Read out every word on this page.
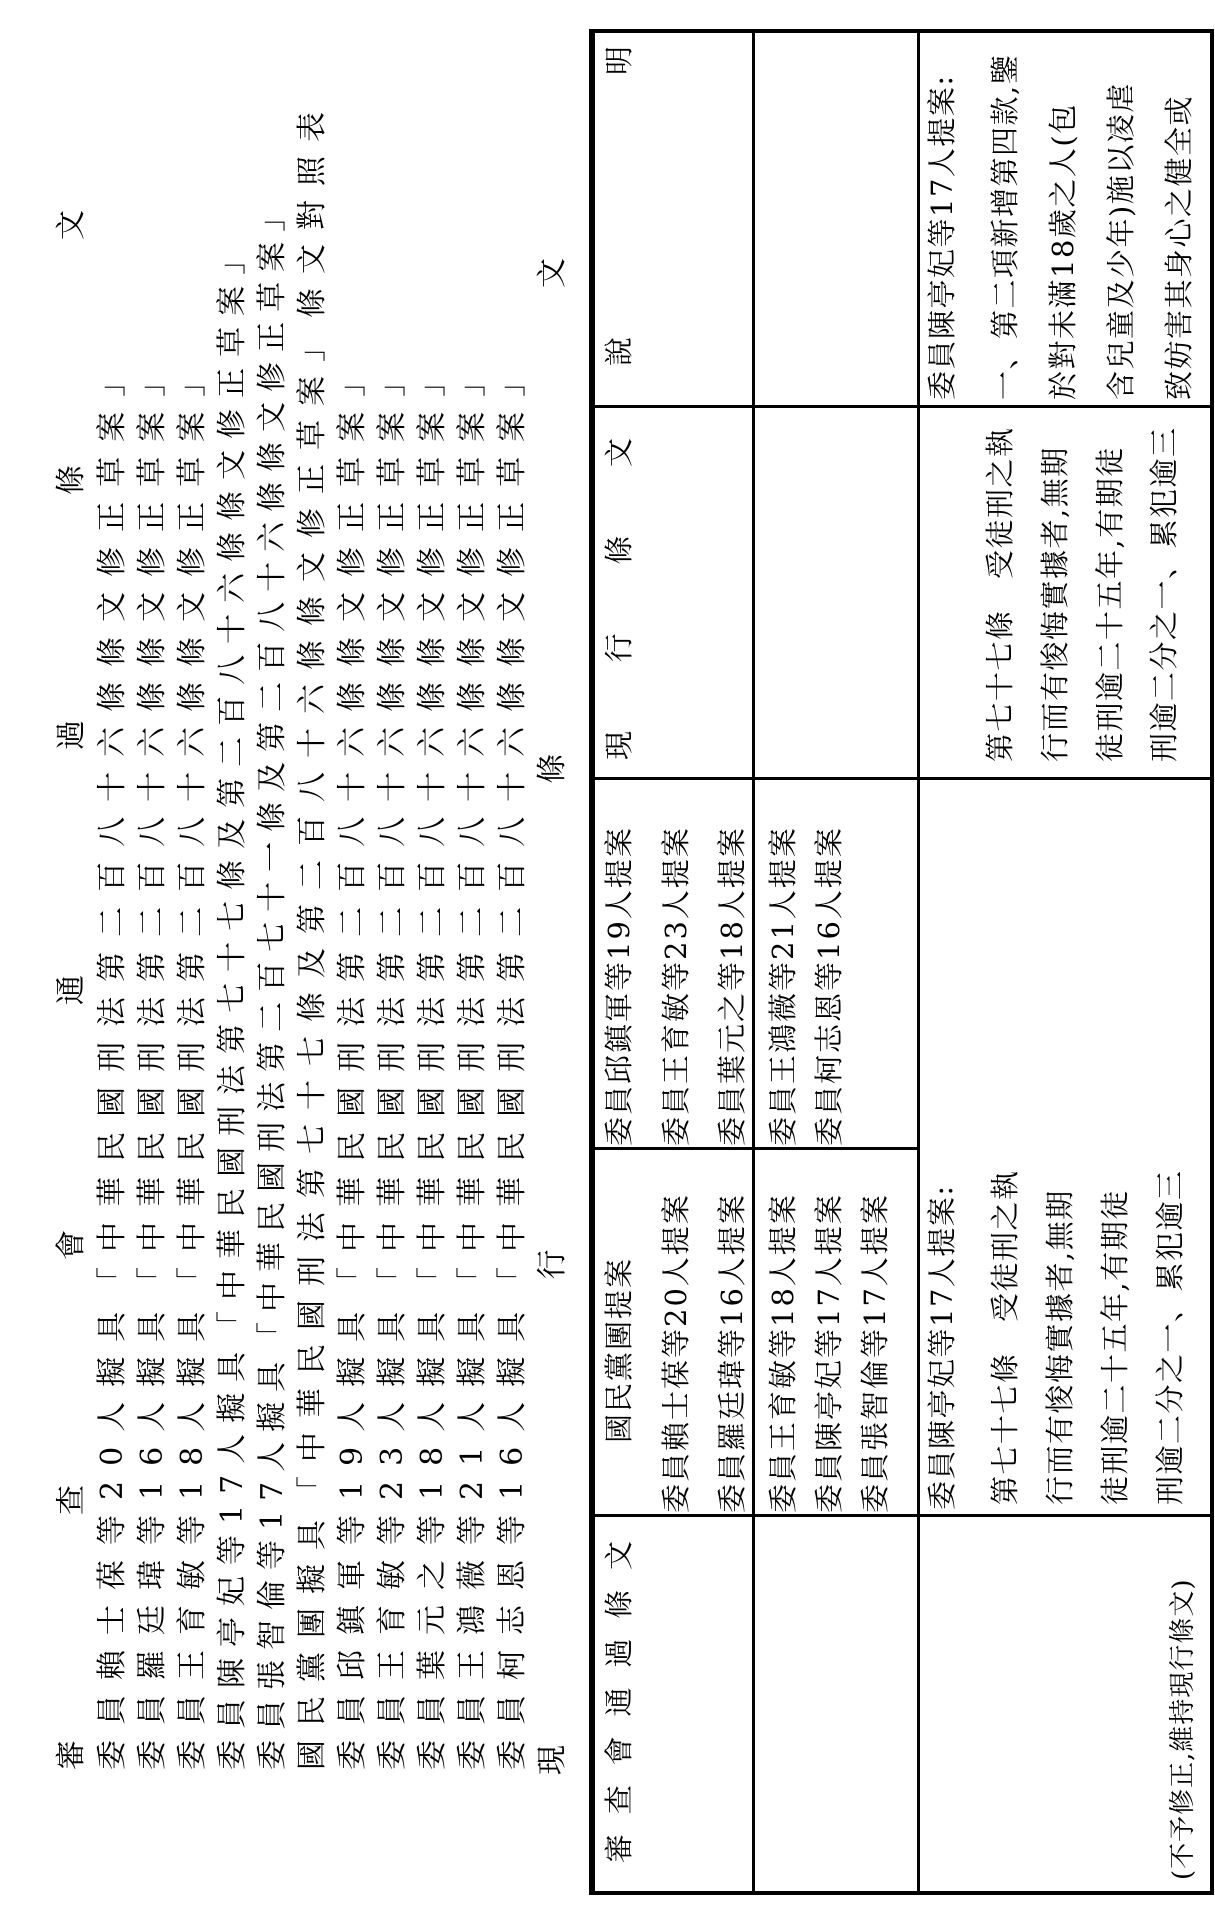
審查會通過條文 委員賴士葆等20人擬具「中華民國刑法第二百八十六條條文修正草案」 委員羅廷瑋等16人擬具「中華民國刑法第二百八十六條條文修正草案」 委員王育敏等18人擬具「中華民國刑法第二百八十六條條文修正草案」 委員陳亭妃等17人擬具「中華民國刑法第七十七條及第二百八十六條條文修正草案」 委員張智倫等17人擬具「中華民國刑法第二百七十一條及第二百八十六條條文修正草案」 國民黨團擬具「中華民國刑法第七十七條及第二百八十六條條文修正草案」條文對照表 委員邱鎮軍等19人擬具「中華民國刑法第二百八十六條條文修正草案」 委員王育敏等23人擬具「中華民國刑法第二百八十六條條文修正草案」 委員葉元之等18人擬具「中華民國刑法第二百八十六條條文修正草案」 委員王鴻薇等21人擬具「中華民國刑法第二百八十六條條文修正草案」 委員柯志恩等16人擬具「中華民國刑法第二百八十六條條文修正草案」 現行條文 審查會通過條文
國民黨團提案 委員賴士葆等20人提案 委員羅廷瑋等16人提案
委員邱鎮軍等19人提案 委員王育敏等23人提案 委員葉元之等18人提案
現行條文
說明
委員王育敏等18人提案 委員陳亭妃等17人提案 委員張智倫等17人提案
委員王鴻薇等21人提案 委員柯志恩等16人提案
(不予修正,維持現行條文)
委員陳亭妃等17人提案: 第七十七條　受徒刑之執 行而有悛悔實據者,無期 徒刑逾二十五年,有期徒 刑逾二分之一、累犯逾三
第七十七條　受徒刑之執 行而有悛悔實據者,無期 徒刑逾二十五年,有期徒 刑逾二分之一、累犯逾三
委員陳亭妃等17人提案: 一、第二項新增第四款,鑒 於對未滿18歲之人(包 含兒童及少年)施以凌虐 致妨害其身心之健全或
